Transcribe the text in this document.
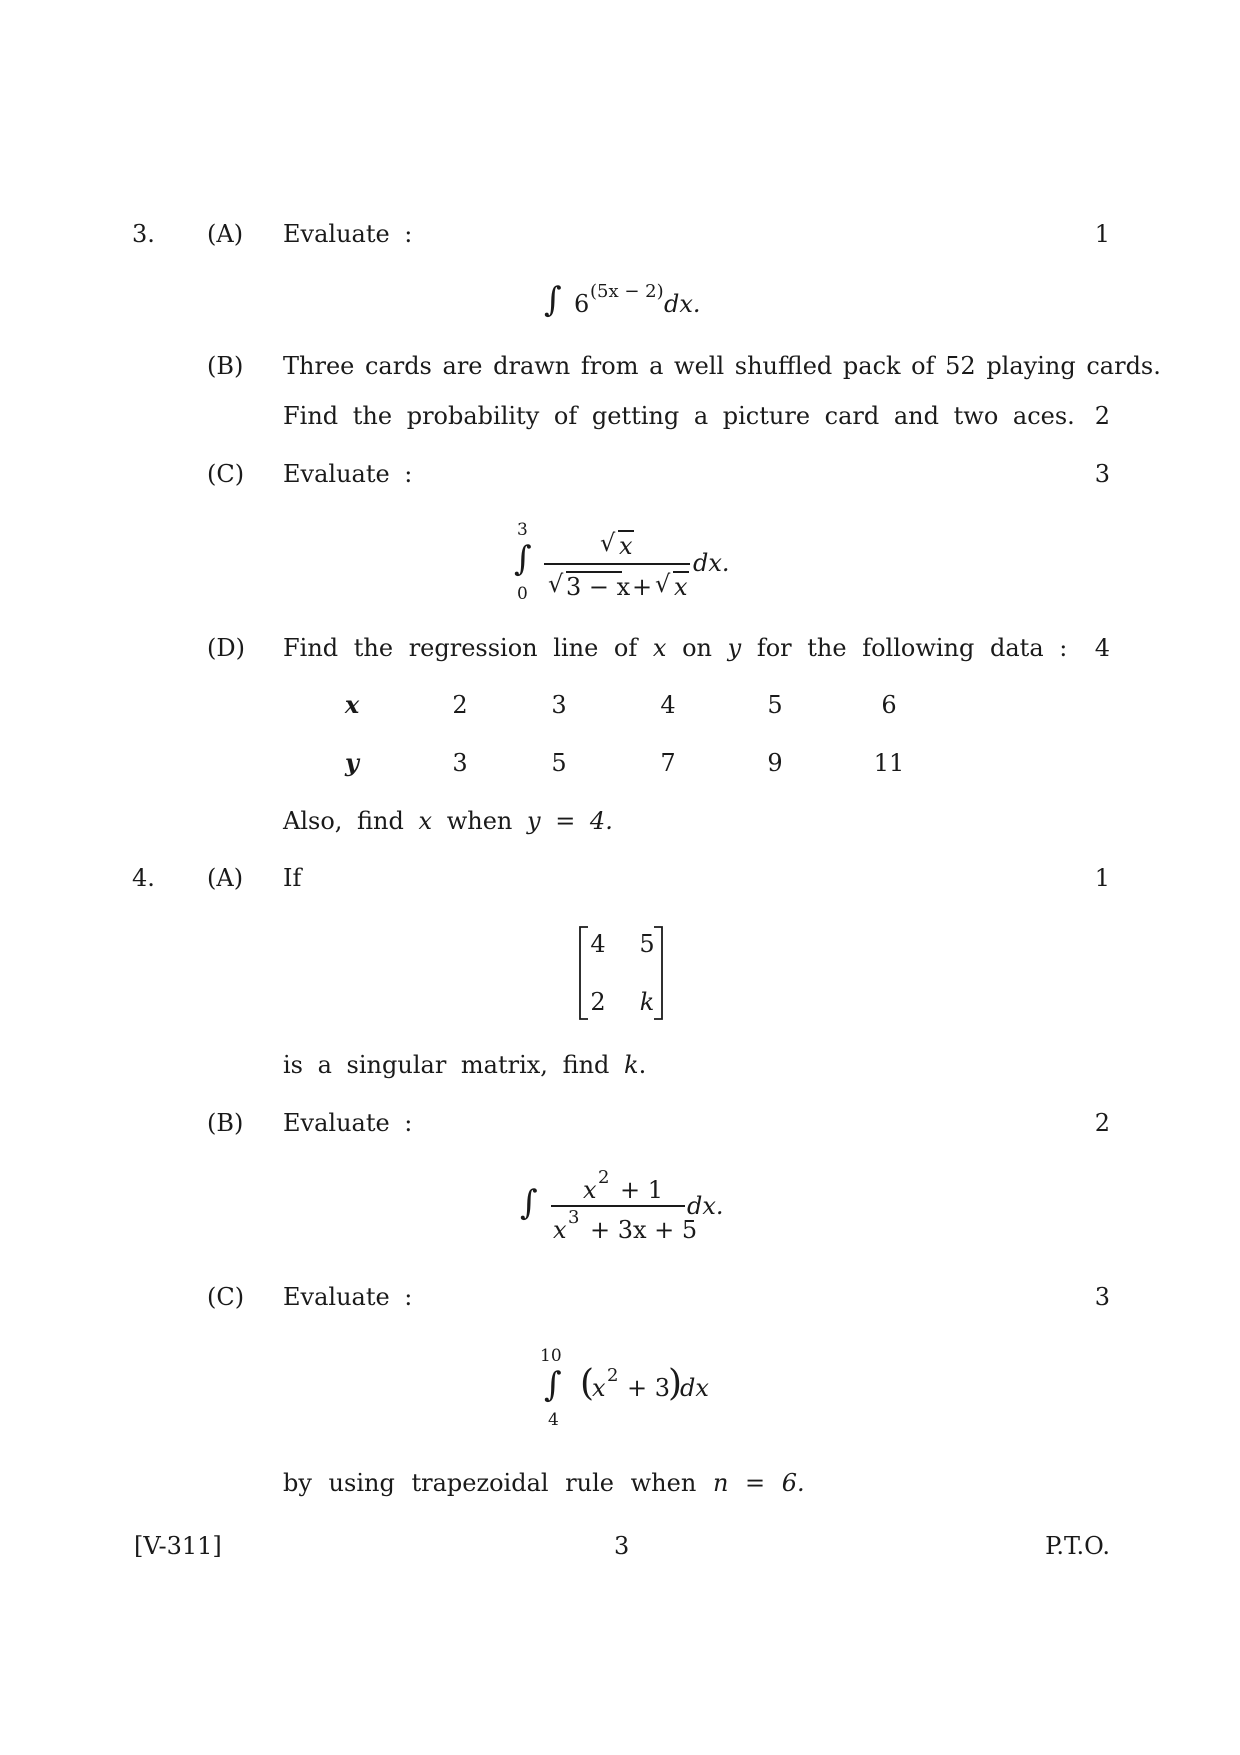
3. (A) Evaluate :	1
∫ 6 (5x − 2) dx.
(B) Three cards are drawn from a well shuffled pack of 52 playing cards.
Find the probability of getting a picture card and two aces. 2
(C) Evaluate :	3
3
∫
0
√ x
√ 3 − x + √ x
dx.
(D) Find the regression line of x on y for the following data : 4
x	2	3	4	5	6
y	3	5	7	9	11
Also, find x when y = 4.
4. (A) If	1
4	5
2	k
is a singular matrix, find k.
(B) Evaluate :	2
∫ x 2 + 1
x 3 + 3x + 5
dx.
(C) Evaluate :	3
10
∫
4
(
x 2 + 3
)
dx
by using trapezoidal rule when n = 6.
[V-311]	3	P.T.O.
